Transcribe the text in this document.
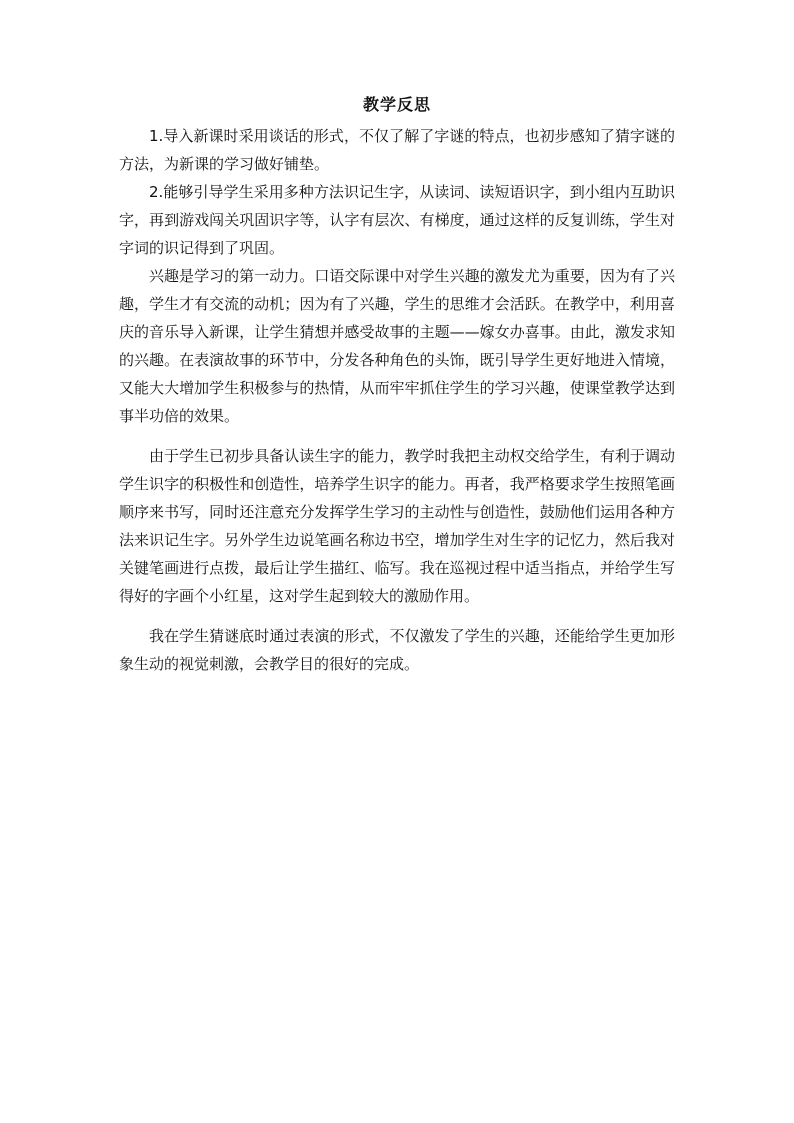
教学反思

1.导入新课时采用谈话的形式，不仅了解了字谜的特点，也初步感知了猜字谜的方法，为新课的学习做好铺垫。

2.能够引导学生采用多种方法识记生字，从读词、读短语识字，到小组内互助识字，再到游戏闯关巩固识字等，认字有层次、有梯度，通过这样的反复训练，学生对字词的识记得到了巩固。

兴趣是学习的第一动力。口语交际课中对学生兴趣的激发尤为重要，因为有了兴趣，学生才有交流的动机；因为有了兴趣，学生的思维才会活跃。在教学中，利用喜庆的音乐导入新课，让学生猜想并感受故事的主题——嫁女办喜事。由此，激发求知的兴趣。在表演故事的环节中，分发各种角色的头饰，既引导学生更好地进入情境，又能大大增加学生积极参与的热情，从而牢牢抓住学生的学习兴趣，使课堂教学达到事半功倍的效果。

由于学生已初步具备认读生字的能力，教学时我把主动权交给学生，有利于调动学生识字的积极性和创造性，培养学生识字的能力。再者，我严格要求学生按照笔画顺序来书写，同时还注意充分发挥学生学习的主动性与创造性，鼓励他们运用各种方法来识记生字。另外学生边说笔画名称边书空，增加学生对生字的记忆力，然后我对关键笔画进行点拨，最后让学生描红、临写。我在巡视过程中适当指点，并给学生写得好的字画个小红星，这对学生起到较大的激励作用。

我在学生猜谜底时通过表演的形式，不仅激发了学生的兴趣，还能给学生更加形象生动的视觉刺激，会教学目的很好的完成。
